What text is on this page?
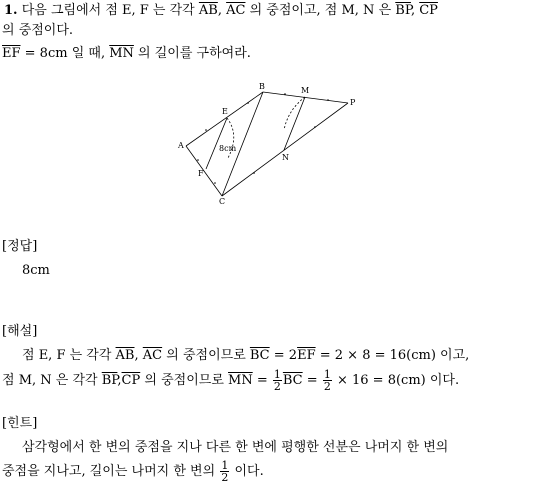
1. 다음 그림에서 점 E, F 는 각각 $\overline{AB}$, $\overline{AC}$ 의 중점이고, 점 M, N 은 $\overline{BP}$, $\overline{CP}$
의 중점이다.
$\overline{EF} = 8cm$ 일 때, $\overline{MN}$ 의 길이를 구하여라.
A
B
C
E
F
M
N
P
8cm
[정답]
8cm
[해설]
점 E, F 는 각각 $\overline{AB}$, $\overline{AC}$ 의 중점이므로 $\overline{BC} = 2\overline{EF} = 2 \times 8 = 16(cm)$ 이고,
점 M, N 은 각각 $\overline{BP},\overline{CP}$ 의 중점이므로 $\overline{MN} = \frac{1}{2} \overline{BC} = \frac{1}{2} \times 16 = 8(cm)$ 이다.
[힌트]
삼각형에서 한 변의 중점을 지나 다른 한 변에 평행한 선분은 나머지 한 변의
중점을 지나고, 길이는 나머지 한 변의 $\frac{1}{2}$ 이다.
